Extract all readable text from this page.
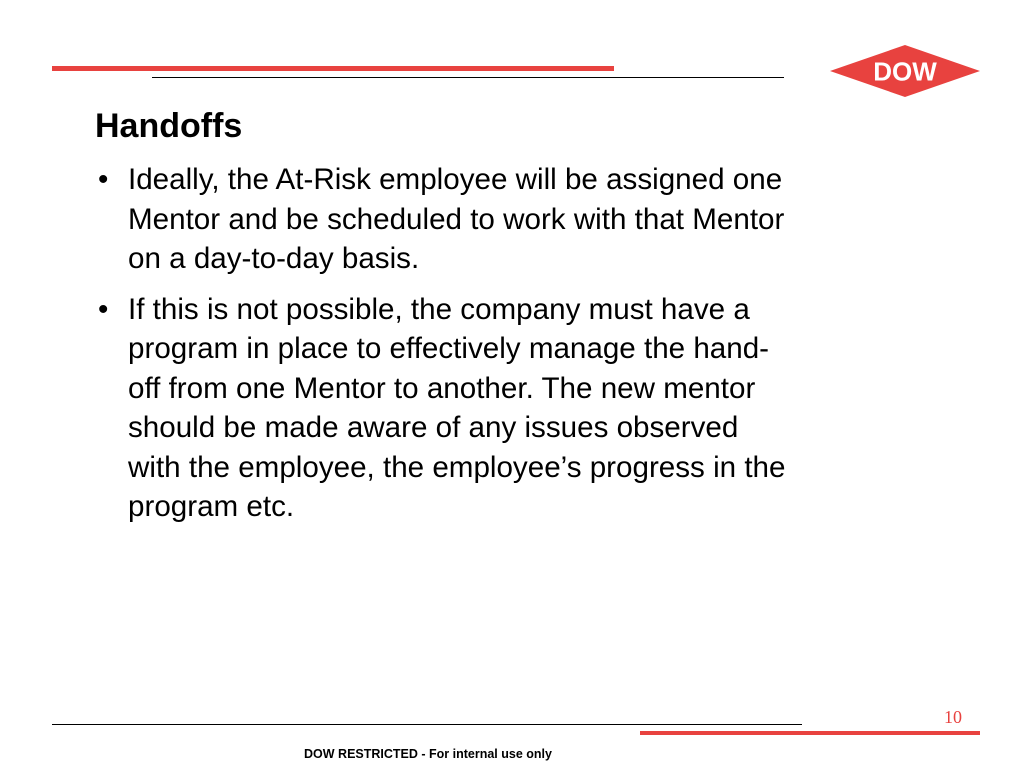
DOW
Handoffs
• Ideally, the At-Risk employee will be assigned one
Mentor and be scheduled to work with that Mentor
on a day-to-day basis.
• If this is not possible, the company must have a
program in place to effectively manage the hand-
off from one Mentor to another. The new mentor
should be made aware of any issues observed
with the employee, the employee’s progress in the
program etc.
10
DOW RESTRICTED - For internal use only
